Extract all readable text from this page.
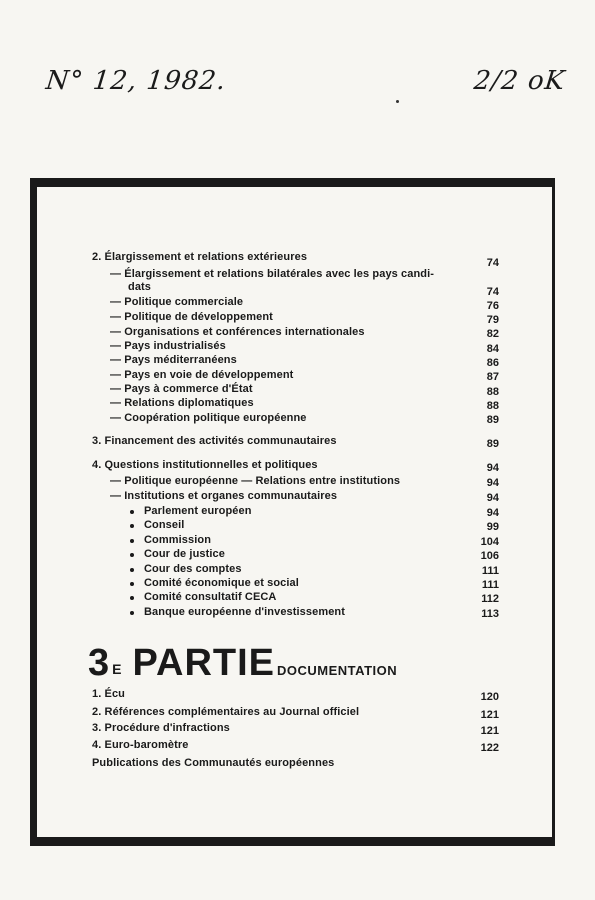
N° 12, 1982.	2/2 oK
2. Élargissement et relations extérieures	74
— Élargissement et relations bilatérales avec les pays candi-
dats	74
— Politique commerciale	76
— Politique de développement	79
— Organisations et conférences internationales	82
— Pays industrialisés	84
— Pays méditerranéens	86
— Pays en voie de développement	87
— Pays à commerce d'État	88
— Relations diplomatiques	88
— Coopération politique européenne	89
3. Financement des activités communautaires	89
4. Questions institutionnelles et politiques	94
— Politique européenne — Relations entre institutions	94
— Institutions et organes communautaires	94
Parlement européen	94
Conseil	99
Commission	104
Cour de justice	106
Cour des comptes	111
Comité économique et social	111
Comité consultatif CECA	112
Banque européenne d'investissement	113
3 $^E$ PARTIE DOCUMENTATION
1. Écu	120
2. Références complémentaires au Journal officiel	121
3. Procédure d'infractions	121
4. Euro-baromètre	122
Publications des Communautés européennes
